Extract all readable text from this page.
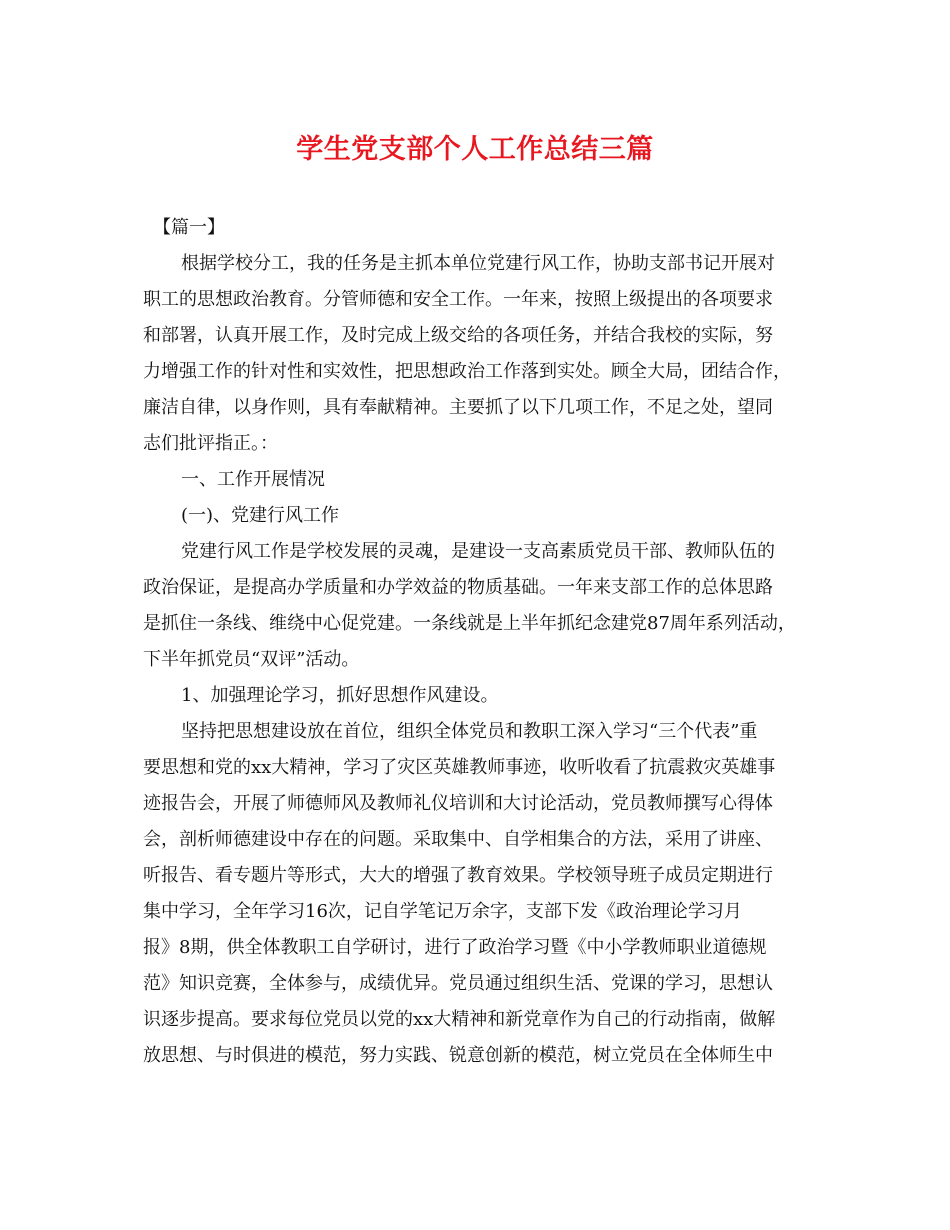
学生党支部个人工作总结三篇
【篇一】
根据学校分工，我的任务是主抓本单位党建行风工作，协助支部书记开展对
职工的思想政治教育。分管师德和安全工作。一年来，按照上级提出的各项要求
和部署，认真开展工作，及时完成上级交给的各项任务，并结合我校的实际，努
力增强工作的针对性和实效性，把思想政治工作落到实处。顾全大局，团结合作，
廉洁自律，以身作则，具有奉献精神。主要抓了以下几项工作，不足之处，望同
志们批评指正。：
一、工作开展情况
(一)、党建行风工作
党建行风工作是学校发展的灵魂，是建设一支高素质党员干部、教师队伍的
政治保证，是提高办学质量和办学效益的物质基础。一年来支部工作的总体思路
是抓住一条线、维绕中心促党建。一条线就是上半年抓纪念建党87周年系列活动，
下半年抓党员“双评”活动。
1、加强理论学习，抓好思想作风建设。
坚持把思想建设放在首位，组织全体党员和教职工深入学习“三个代表”重
要思想和党的xx大精神，学习了灾区英雄教师事迹，收听收看了抗震救灾英雄事
迹报告会，开展了师德师风及教师礼仪培训和大讨论活动，党员教师撰写心得体
会，剖析师德建设中存在的问题。采取集中、自学相集合的方法，采用了讲座、
听报告、看专题片等形式，大大的增强了教育效果。学校领导班子成员定期进行
集中学习，全年学习16次，记自学笔记万余字，支部下发《政治理论学习月
报》8期，供全体教职工自学研讨，进行了政治学习暨《中小学教师职业道德规
范》知识竞赛，全体参与，成绩优异。党员通过组织生活、党课的学习，思想认
识逐步提高。要求每位党员以党的xx大精神和新党章作为自己的行动指南，做解
放思想、与时俱进的模范，努力实践、锐意创新的模范，树立党员在全体师生中
